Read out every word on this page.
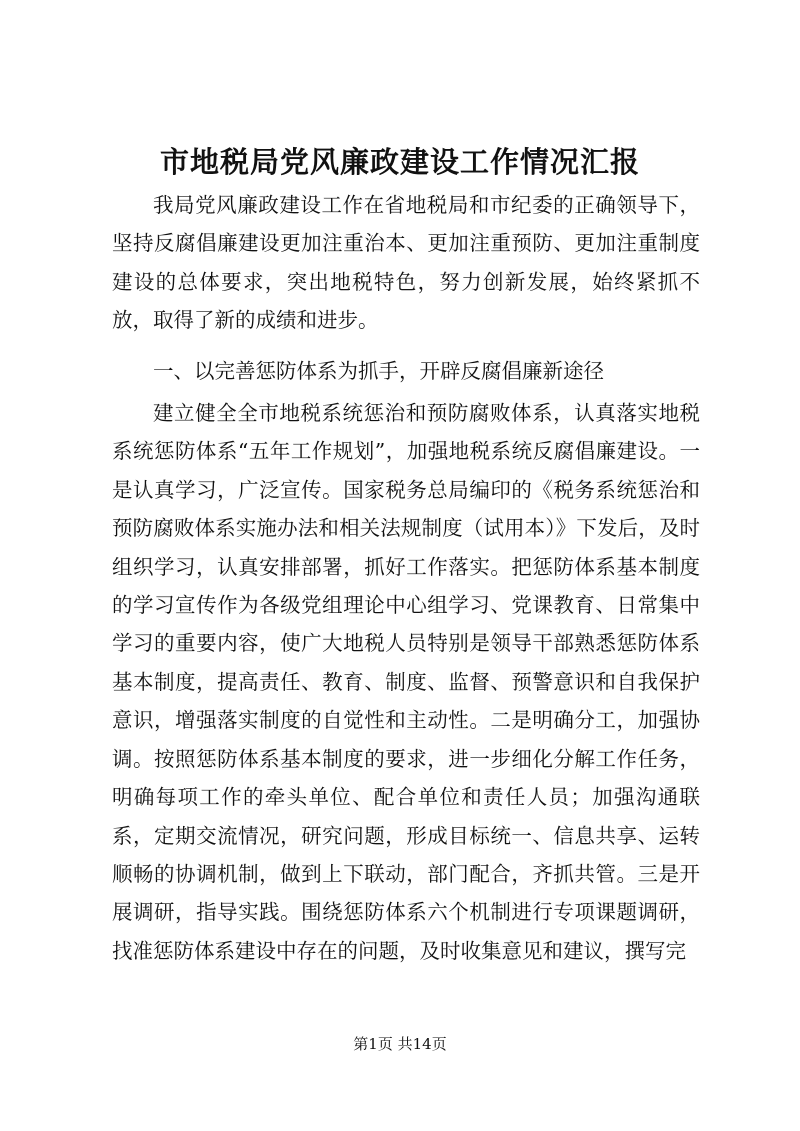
市地税局党风廉政建设工作情况汇报

我局党风廉政建设工作在省地税局和市纪委的正确领导下，坚持反腐倡廉建设更加注重治本、更加注重预防、更加注重制度建设的总体要求，突出地税特色，努力创新发展，始终紧抓不放，取得了新的成绩和进步。

一、以完善惩防体系为抓手，开辟反腐倡廉新途径

建立健全全市地税系统惩治和预防腐败体系，认真落实地税系统惩防体系“五年工作规划”，加强地税系统反腐倡廉建设。一是认真学习，广泛宣传。国家税务总局编印的《税务系统惩治和预防腐败体系实施办法和相关法规制度（试用本）》下发后，及时组织学习，认真安排部署，抓好工作落实。把惩防体系基本制度的学习宣传作为各级党组理论中心组学习、党课教育、日常集中学习的重要内容，使广大地税人员特别是领导干部熟悉惩防体系基本制度，提高责任、教育、制度、监督、预警意识和自我保护意识，增强落实制度的自觉性和主动性。二是明确分工，加强协调。按照惩防体系基本制度的要求，进一步细化分解工作任务，明确每项工作的牵头单位、配合单位和责任人员；加强沟通联系，定期交流情况，研究问题，形成目标统一、信息共享、运转顺畅的协调机制，做到上下联动，部门配合，齐抓共管。三是开展调研，指导实践。围绕惩防体系六个机制进行专项课题调研，找准惩防体系建设中存在的问题，及时收集意见和建议，撰写完

第1页 共14页
